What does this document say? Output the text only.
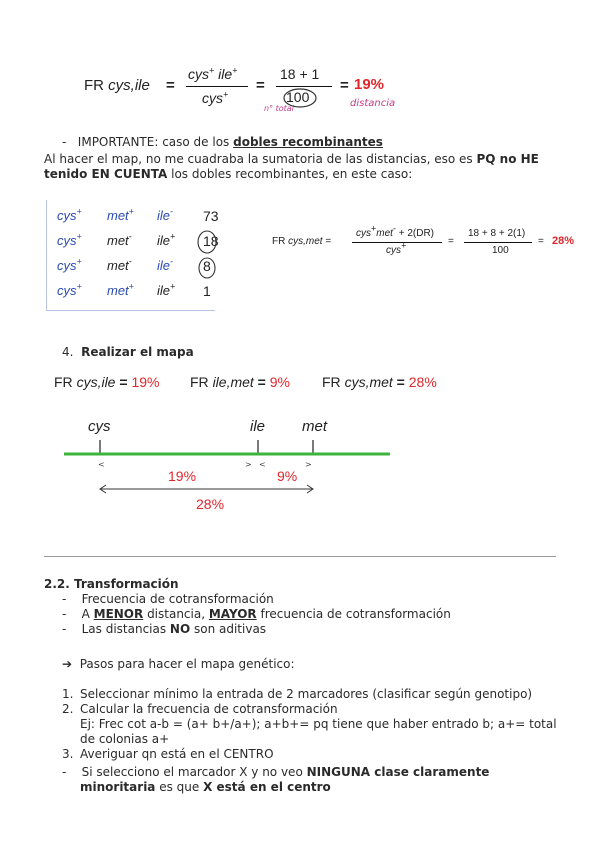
FR cys,ile =
cys+ ile+
cys+
=
18 + 1
100
= 19%
n° total	distancia
- IMPORTANTE: caso de los dobles recombinantes
Al hacer el map, no me cuadraba la sumatoria de las distancias, eso es PQ no HE
tenido EN CUENTA los dobles recombinantes, en este caso:
cys+ met+ ile- 73
cys+ met- ile+ 18
cys+ met- ile- 8
cys+ met+ ile+ 1
FR cys,met =
cys+met- + 2(DR)
cys+	=
18 + 8 + 2(1)
100
= 28%
4. Realizar el mapa
FR cys,ile = 19% FR ile,met = 9% FR cys,met = 28%
cys	ile met
<	> <	>
19%	9%
28%
2.2. Transformación
-    Frecuencia de cotransformación
-    A MENOR distancia, MAYOR frecuencia de cotransformación
-    Las distancias NO son aditivas
➔ Pasos para hacer el mapa genético:
1. Seleccionar mínimo la entrada de 2 marcadores (clasificar según genotipo)
2. Calcular la frecuencia de cotransformación
Ej: Frec cot a-b = (a+ b+/a+); a+b+= pq tiene que haber entrado b; a+= total
de colonias a+
3. Averiguar qn está en el CENTRO
-    Si selecciono el marcador X y no veo NINGUNA clase claramente
minoritaria es que X está en el centro
